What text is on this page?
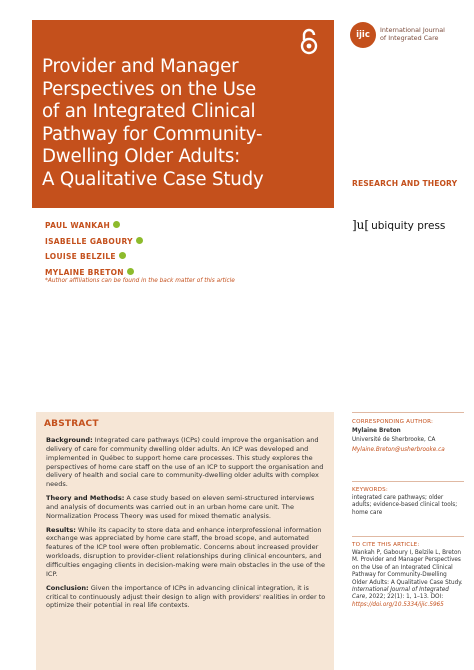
Provider and Manager
Perspectives on the Use
of an Integrated Clinical
Pathway for Community-
Dwelling Older Adults:
A Qualitative Case Study
ijic	International Journal
of Integrated Care
RESEARCH AND THEORY
]u[ ubiquity press
PAUL WANKAH
ISABELLE GABOURY
LOUISE BELZILE
MYLAINE BRETON
*Author affiliations can be found in the back matter of this article
ABSTRACT

Background: Integrated care pathways (ICPs) could improve the organisation and delivery of care for community dwelling older adults. An ICP was developed and implemented in Québec to support home care processes. This study explores the perspectives of home care staff on the use of an ICP to support the organisation and delivery of health and social care to community-dwelling older adults with complex needs.

Theory and Methods: A case study based on eleven semi-structured interviews and analysis of documents was carried out in an urban home care unit. The Normalization Process Theory was used for mixed thematic analysis.

Results: While its capacity to store data and enhance interprofessional information exchange was appreciated by home care staff, the broad scope, and automated features of the ICP tool were often problematic. Concerns about increased provider workloads, disruption to provider-client relationships during clinical encounters, and difficulties engaging clients in decision-making were main obstacles in the use of the ICP.

Conclusion: Given the importance of ICPs in advancing clinical integration, it is critical to continuously adjust their design to align with providers' realities in order to optimize their potential in real life contexts.

CORRESPONDING AUTHOR:
Mylaine Breton
Université de Sherbrooke, CA
Mylaine.Breton@usherbrooke.ca
KEYWORDS:
integrated care pathways; older adults; evidence-based clinical tools; home care
TO CITE THIS ARTICLE:
Wankah P, Gaboury I, Belzile L, Breton M. Provider and Manager Perspectives on the Use of an Integrated Clinical Pathway for Community-Dwelling Older Adults: A Qualitative Case Study. International Journal of Integrated Care, 2022; 22(1): 1, 1–13. DOI: https://doi.org/10.5334/ijic.5965
